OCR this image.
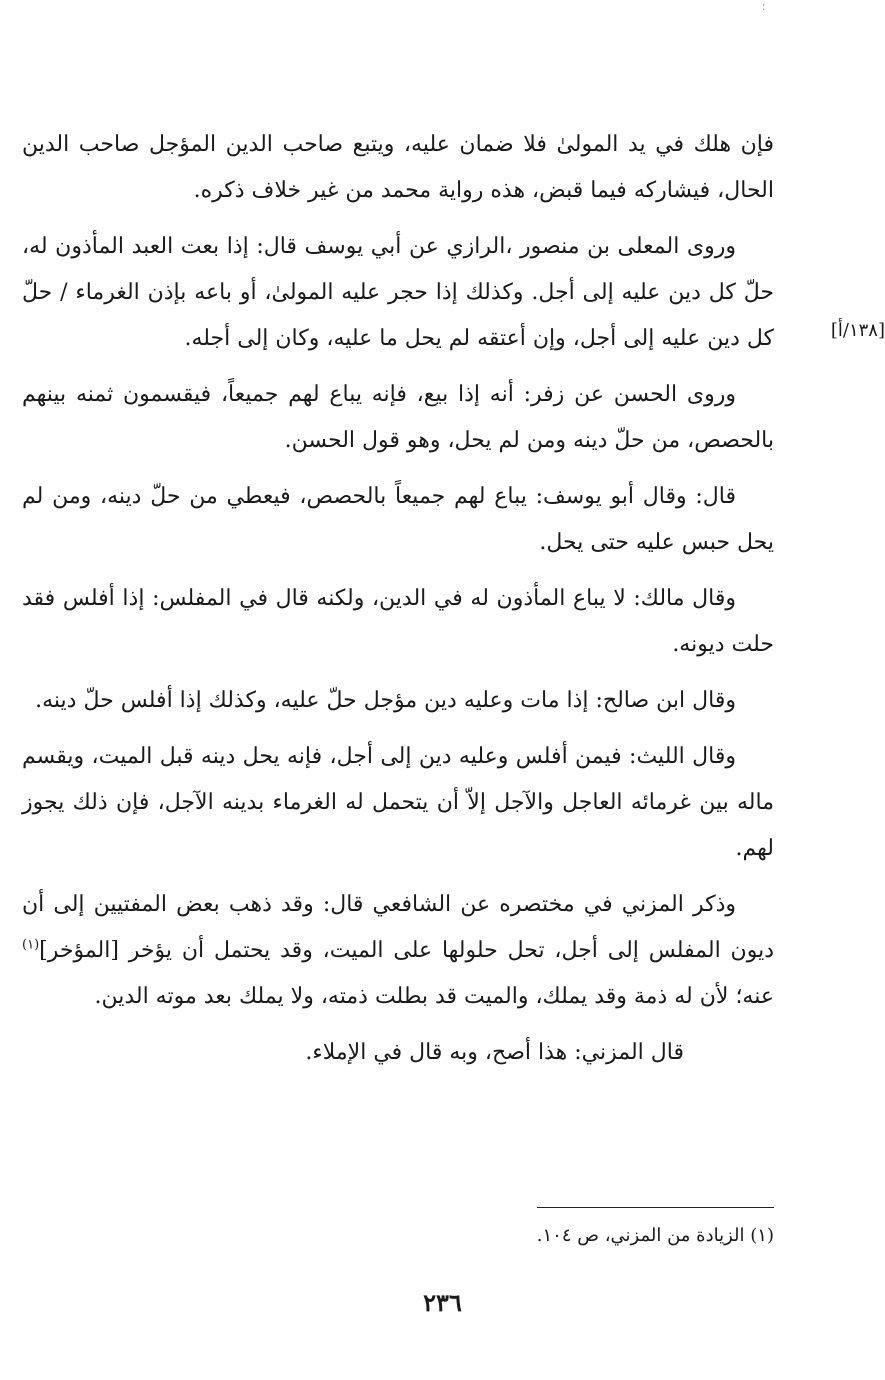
؛
[١٣٨/أ]

فإن هلك في يد المولىٰ فلا ضمان عليه، ويتبع صاحب الدين المؤجل صاحب الدين الحال، فيشاركه فيما قبض، هذه رواية محمد من غير خلاف ذكره.

وروى المعلى بن منصور ،الرازي عن أبي يوسف قال: إذا بعت العبد المأذون له، حلّ كل دين عليه إلى أجل. وكذلك إذا حجر عليه المولىٰ، أو باعه بإذن الغرماء / حلّ كل دين عليه إلى أجل، وإن أعتقه لم يحل ما عليه، وكان إلى أجله.

وروى الحسن عن زفر: أنه إذا بيع، فإنه يباع لهم جميعاً، فيقسمون ثمنه بينهم بالحصص، من حلّ دينه ومن لم يحل، وهو قول الحسن.

قال: وقال أبو يوسف: يباع لهم جميعاً بالحصص، فيعطي من حلّ دينه، ومن لم يحل حبس عليه حتى يحل.

وقال مالك: لا يباع المأذون له في الدين، ولكنه قال في المفلس: إذا أفلس فقد حلت ديونه.

وقال ابن صالح: إذا مات وعليه دين مؤجل حلّ عليه، وكذلك إذا أفلس حلّ دينه.

وقال الليث: فيمن أفلس وعليه دين إلى أجل، فإنه يحل دينه قبل الميت، ويقسم ماله بين غرمائه العاجل والآجل إلاّ أن يتحمل له الغرماء بدينه الآجل، فإن ذلك يجوز لهم.

وذكر المزني في مختصره عن الشافعي قال: وقد ذهب بعض المفتيين إلى أن ديون المفلس إلى أجل، تحل حلولها على الميت، وقد يحتمل أن يؤخر [المؤخر]$^{(١)}$ عنه؛ لأن له ذمة وقد يملك، والميت قد بطلت ذمته، ولا يملك بعد موته الدين.

قال المزني: هذا أصح، وبه قال في الإملاء.

(١) الزيادة من المزني، ص ١٠٤.
٢٣٦
